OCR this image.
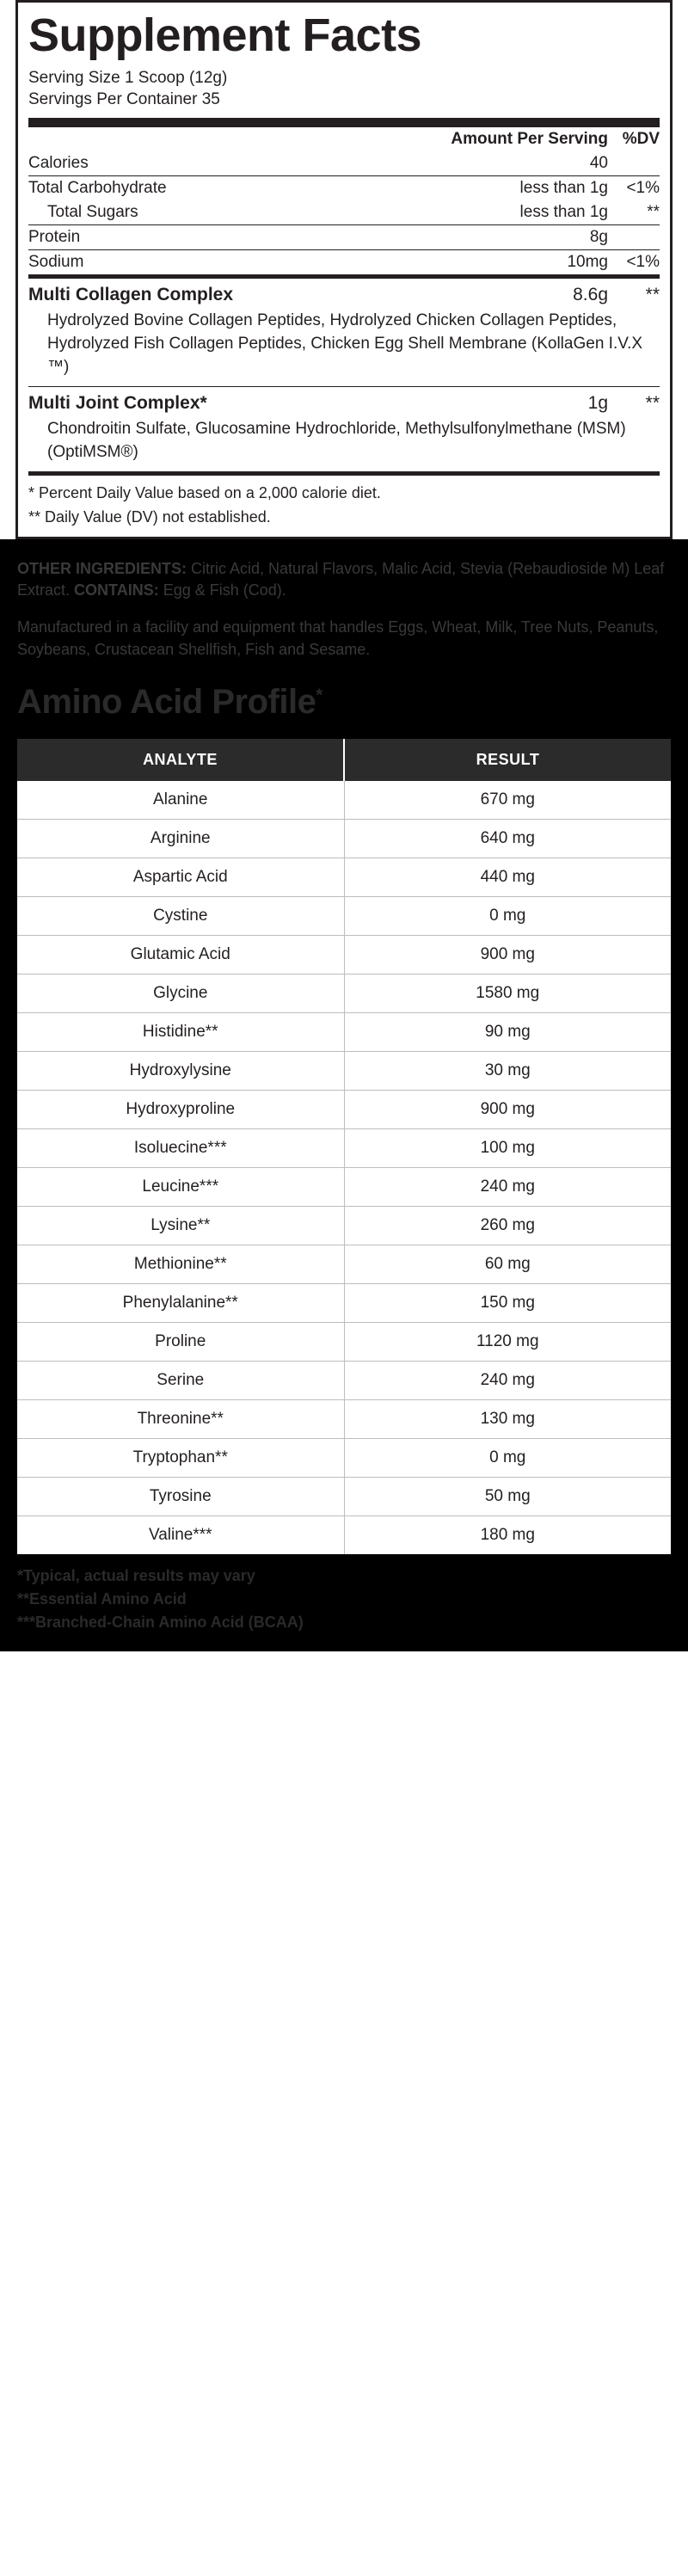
Supplement Facts
Serving Size 1 Scoop (12g)
Servings Per Container 35
	Amount Per Serving	%DV
Calories	40	
Total Carbohydrate	less than 1g	<1%
Total Sugars	less than 1g	**
Protein	8g	
Sodium	10mg	<1%
Multi Collagen Complex	8.6g	**
Hydrolyzed Bovine Collagen Peptides, Hydrolyzed Chicken Collagen Peptides, Hydrolyzed Fish Collagen Peptides, Chicken Egg Shell Membrane (KollaGen I.V.X ™)		
Multi Joint Complex*	1g	**
Chondroitin Sulfate, Glucosamine Hydrochloride, Methylsulfonylmethane (MSM) (OptiMSM®)		
* Percent Daily Value based on a 2,000 calorie diet.
** Daily Value (DV) not established.

OTHER INGREDIENTS: Citric Acid, Natural Flavors, Malic Acid, Stevia (Rebaudioside M) Leaf Extract. CONTAINS: Egg & Fish (Cod).

Manufactured in a facility and equipment that handles Eggs, Wheat, Milk, Tree Nuts, Peanuts, Soybeans, Crustacean Shellfish, Fish and Sesame.

Amino Acid Profile*
ANALYTE	RESULT
Alanine	670 mg
Arginine	640 mg
Aspartic Acid	440 mg
Cystine	0 mg
Glutamic Acid	900 mg
Glycine	1580 mg
Histidine**	90 mg
Hydroxylysine	30 mg
Hydroxyproline	900 mg
Isoluecine***	100 mg
Leucine***	240 mg
Lysine**	260 mg
Methionine**	60 mg
Phenylalanine**	150 mg
Proline	1120 mg
Serine	240 mg
Threonine**	130 mg
Tryptophan**	0 mg
Tyrosine	50 mg
Valine***	180 mg
*Typical, actual results may vary
**Essential Amino Acid
***Branched-Chain Amino Acid (BCAA)
